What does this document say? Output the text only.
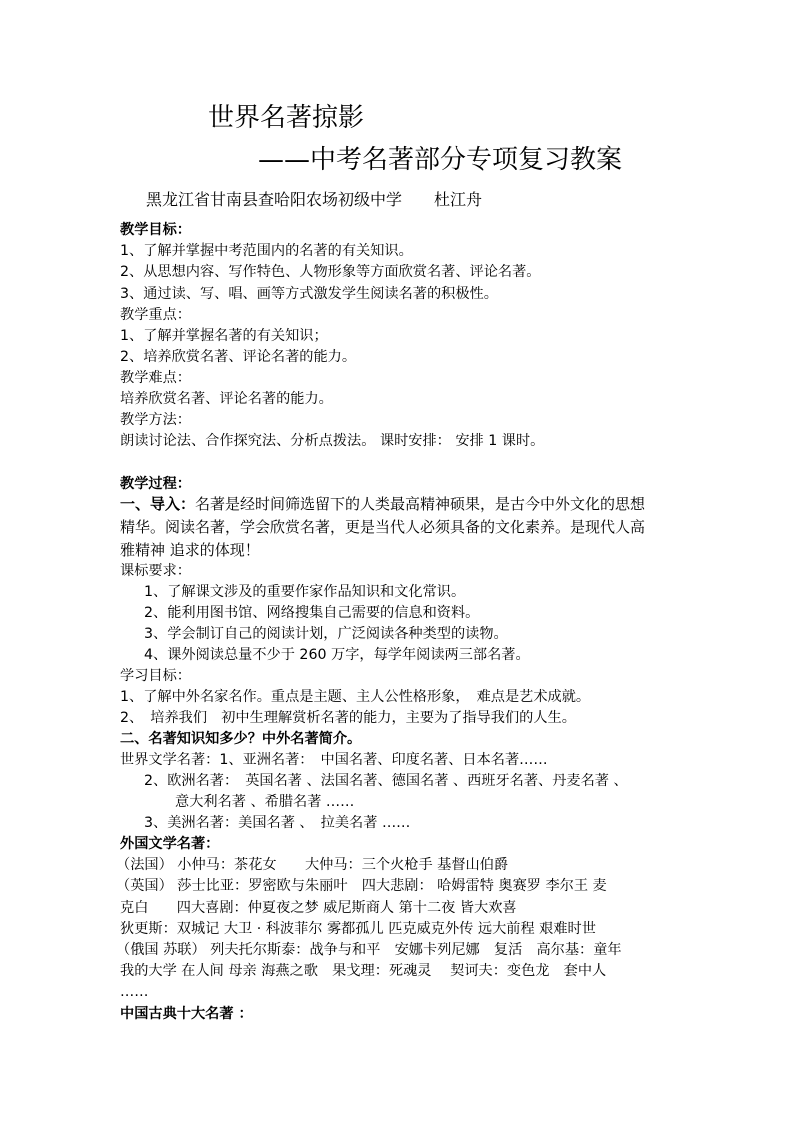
世界名著掠影
——中考名著部分专项复习教案
黑龙江省甘南县查哈阳农场初级中学　　杜江舟
教学目标：
1、了解并掌握中考范围内的名著的有关知识。
2、从思想内容、写作特色、人物形象等方面欣赏名著、评论名著。
3、通过读、写、唱、画等方式激发学生阅读名著的积极性。
教学重点：
1、了解并掌握名著的有关知识；
2、培养欣赏名著、评论名著的能力。
教学难点：
培养欣赏名著、评论名著的能力。
教学方法：
朗读讨论法、合作探究法、分析点拨法。 课时安排： 安排 1 课时。
教学过程：
一、导入：名著是经时间筛选留下的人类最高精神硕果，是古今中外文化的思想
精华。阅读名著，学会欣赏名著，更是当代人必须具备的文化素养。是现代人高
雅精神 追求的体现！
课标要求：
1、了解课文涉及的重要作家作品知识和文化常识。
2、能利用图书馆、网络搜集自己需要的信息和资料。
3、学会制订自己的阅读计划，广泛阅读各种类型的读物。
4、课外阅读总量不少于 260 万字，每学年阅读两三部名著。
学习目标：
1、了解中外名家名作。重点是主题、主人公性格形象，　难点是艺术成就。
2、　培养我们　初中生理解赏析名著的能力，主要为了指导我们的人生。
二、名著知识知多少？中外名著简介。
世界文学名著：1、亚洲名著：　中国名著、印度名著、日本名著……
2、欧洲名著：　英国名著 、法国名著、德国名著 、西班牙名著、丹麦名著 、
意大利名著 、希腊名著 ……
3、美洲名著：美国名著 、　拉美名著 ……
外国文学名著：
（法国） 小仲马：茶花女　　大仲马：三个火枪手 基督山伯爵
（英国） 莎士比亚：罗密欧与朱丽叶　四大悲剧： 哈姆雷特 奥赛罗 李尔王 麦
克白　　四大喜剧：仲夏夜之梦 威尼斯商人 第十二夜 皆大欢喜
狄更斯：双城记 大卫 · 科波菲尔 雾都孤儿 匹克威克外传 远大前程 艰难时世
（俄国 苏联） 列夫托尔斯泰：战争与和平　安娜卡列尼娜　复活　高尔基：童年
我的大学 在人间 母亲 海燕之歌　果戈理：死魂灵　 契诃夫：变色龙　套中人
……
中国古典十大名著 ：
